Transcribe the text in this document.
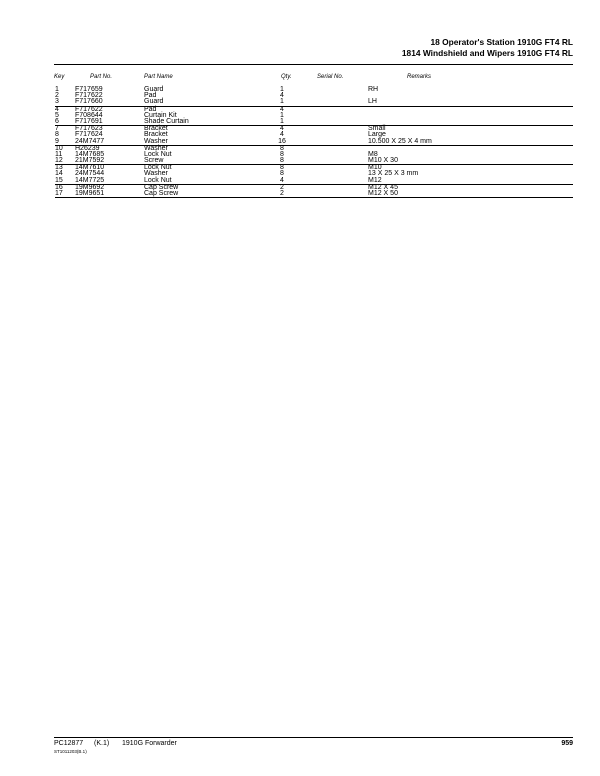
18 Operator's Station 1910G FT4 RL
1814 Windshield and Wipers 1910G FT4 RL
Key	Part No.	Part Name	Qty.	Serial No.	Remarks
1 F717659	Guard	1	RH
2 F717622	Pad	4
3 F717660	Guard	1	LH
4 F717622	Pad	4
5 F708644	Curtain Kit	1
6 F717691	Shade Curtain	1
7 F717623	Bracket	4	Small
8 F717624	Bracket	4	Large
9 24M7477	Washer	16	10.500 X 25 X 4 mm
10 H26239	Washer	8
11 14M7685	Lock Nut	8	M8
12 21M7592	Screw	8	M10 X 30
13 14M7610	Lock Nut	8	M10
14 24M7544	Washer	8	13 X 25 X 3 mm
15 14M7725	Lock Nut	4	M12
16 19M9692	Cap Screw	2	M12 X 45
17 19M9651	Cap Screw	2	M12 X 50
PC12877 (K.1) 1910G Forwarder	959
ST1011203(B.1)
